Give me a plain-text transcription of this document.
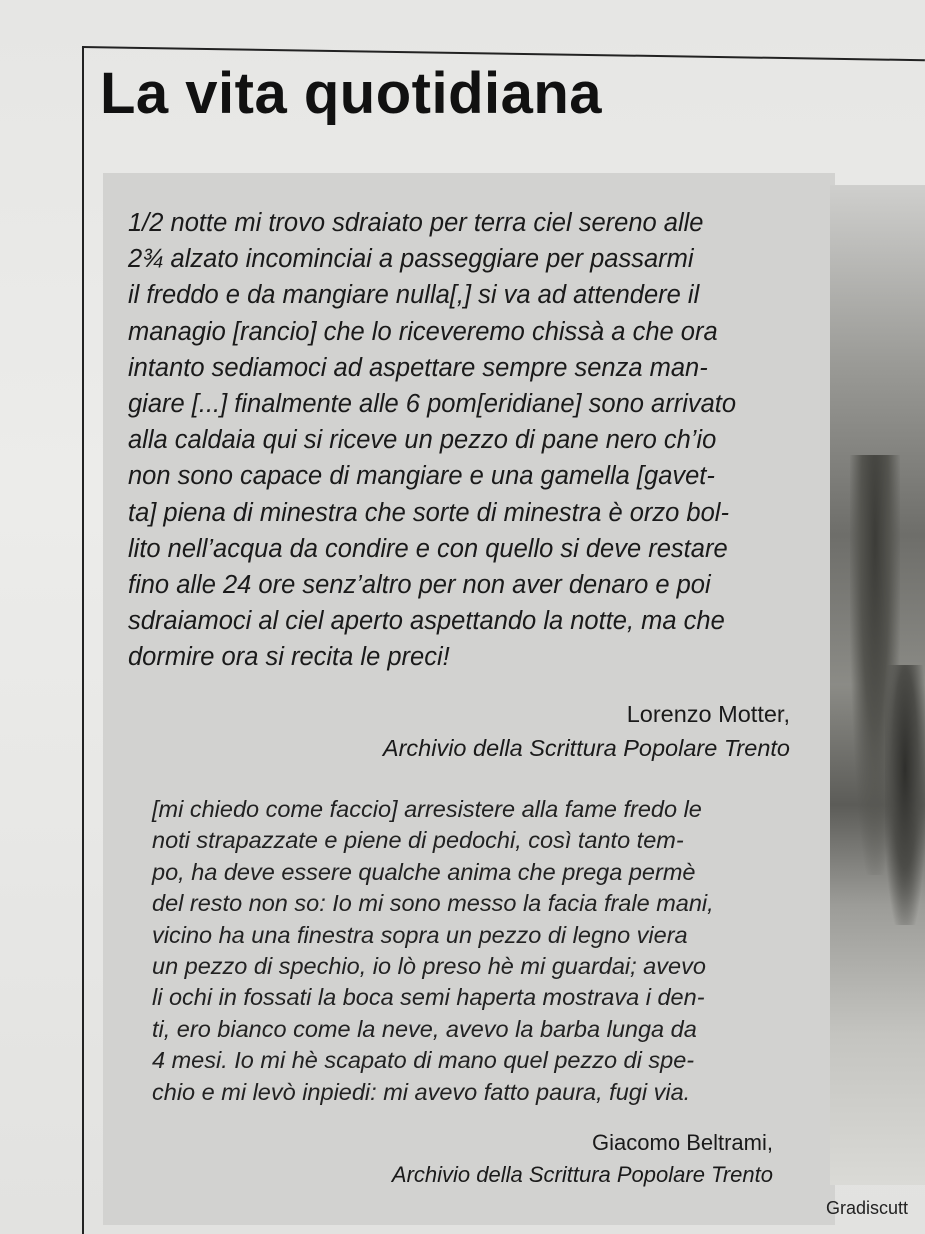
La vita quotidiana
1/2 notte mi trovo sdraiato per terra ciel sereno alle
2¾ alzato incominciai a passeggiare per passarmi
il freddo e da mangiare nulla[,] si va ad attendere il
managio [rancio] che lo riceveremo chissà a che ora
intanto sediamoci ad aspettare sempre senza man-
giare [...] finalmente alle 6 pom[eridiane] sono arrivato
alla caldaia qui si riceve un pezzo di pane nero ch’io
non sono capace di mangiare e una gamella [gavet-
ta] piena di minestra che sorte di minestra è orzo bol-
lito nell’acqua da condire e con quello si deve restare
fino alle 24 ore senz’altro per non aver denaro e poi
sdraiamoci al ciel aperto aspettando la notte, ma che
dormire ora si recita le preci!

Lorenzo Motter,
Archivio della Scrittura Popolare Trento

[mi chiedo come faccio] arresistere alla fame fredo le
noti strapazzate e piene di pedochi, così tanto tem-
po, ha deve essere qualche anima che prega permè
del resto non so: Io mi sono messo la facia frale mani,
vicino ha una finestra sopra un pezzo di legno viera
un pezzo di spechio, io lò preso hè mi guardai; avevo
li ochi in fossati la boca semi haperta mostrava i den-
ti, ero bianco come la neve, avevo la barba lunga da
4 mesi. Io mi hè scapato di mano quel pezzo di spe-
chio e mi levò inpiedi: mi avevo fatto paura, fugi via.

Giacomo Beltrami,
Archivio della Scrittura Popolare Trento

Gradiscutt
